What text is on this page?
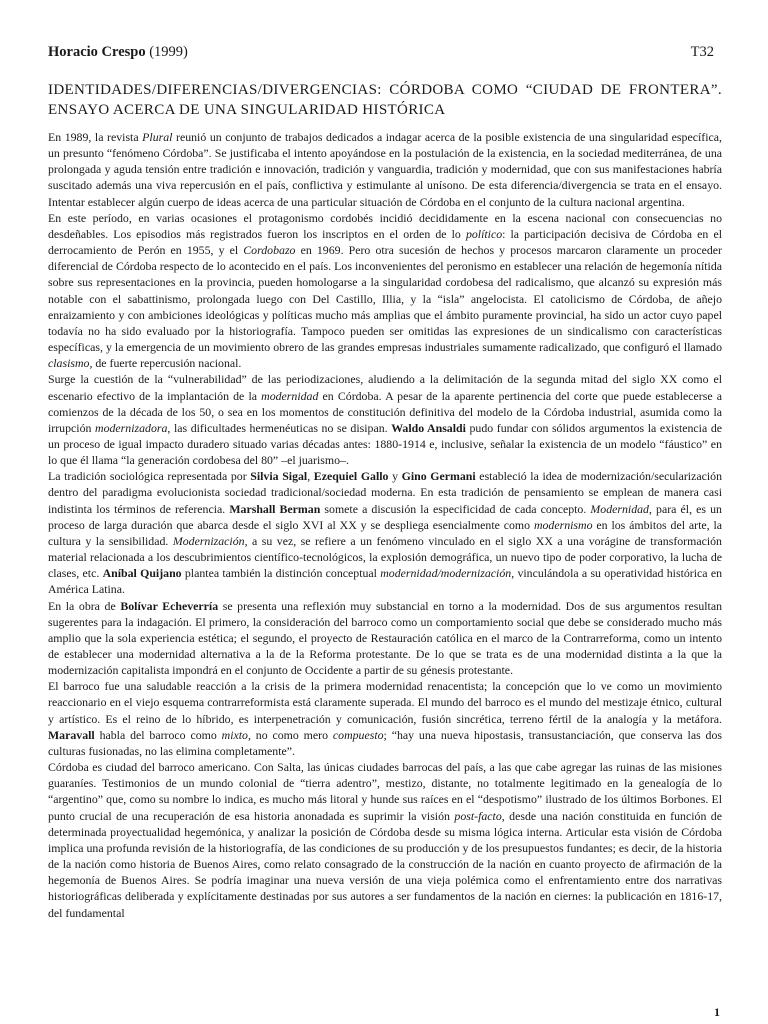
Horacio Crespo (1999)	T32
IDENTIDADES/DIFERENCIAS/DIVERGENCIAS: CÓRDOBA COMO “CIUDAD DE FRONTERA”. ENSAYO ACERCA DE UNA SINGULARIDAD HISTÓRICA

En 1989, la revista Plural reunió un conjunto de trabajos dedicados a indagar acerca de la posible existencia de una singularidad específica, un presunto “fenómeno Córdoba”. Se justificaba el intento apoyándose en la postulación de la existencia, en la sociedad mediterránea, de una prolongada y aguda tensión entre tradición e innovación, tradición y vanguardia, tradición y modernidad, que con sus manifestaciones habría suscitado además una viva repercusión en el país, conflictiva y estimulante al unísono. De esta diferencia/divergencia se trata en el ensayo. Intentar establecer algún cuerpo de ideas acerca de una particular situación de Córdoba en el conjunto de la cultura nacional argentina.

En este período, en varias ocasiones el protagonismo cordobés incidió decididamente en la escena nacional con consecuencias no desdeñables. Los episodios más registrados fueron los inscriptos en el orden de lo político: la participación decisiva de Córdoba en el derrocamiento de Perón en 1955, y el Cordobazo en 1969. Pero otra sucesión de hechos y procesos marcaron claramente un proceder diferencial de Córdoba respecto de lo acontecido en el país. Los inconvenientes del peronismo en establecer una relación de hegemonía nítida sobre sus representaciones en la provincia, pueden homologarse a la singularidad cordobesa del radicalismo, que alcanzó su expresión más notable con el sabattinismo, prolongada luego con Del Castillo, Illia, y la “isla” angelocista. El catolicismo de Córdoba, de añejo enraizamiento y con ambiciones ideológicas y políticas mucho más amplias que el ámbito puramente provincial, ha sido un actor cuyo papel todavía no ha sido evaluado por la historiografía. Tampoco pueden ser omitidas las expresiones de un sindicalismo con características específicas, y la emergencia de un movimiento obrero de las grandes empresas industriales sumamente radicalizado, que configuró el llamado clasismo, de fuerte repercusión nacional.

Surge la cuestión de la “vulnerabilidad” de las periodizaciones, aludiendo a la delimitación de la segunda mitad del siglo XX como el escenario efectivo de la implantación de la modernidad en Córdoba. A pesar de la aparente pertinencia del corte que puede establecerse a comienzos de la década de los 50, o sea en los momentos de constitución definitiva del modelo de la Córdoba industrial, asumida como la irrupción modernizadora, las dificultades hermenéuticas no se disipan. Waldo Ansaldi pudo fundar con sólidos argumentos la existencia de un proceso de igual impacto duradero situado varias décadas antes: 1880-1914 e, inclusive, señalar la existencia de un modelo “fáustico” en lo que él llama “la generación cordobesa del 80” –el juarismo–.

La tradición sociológica representada por Silvia Sigal, Ezequiel Gallo y Gino Germani estableció la idea de modernización/secularización dentro del paradigma evolucionista sociedad tradicional/sociedad moderna. En esta tradición de pensamiento se emplean de manera casi indistinta los términos de referencia. Marshall Berman somete a discusión la especificidad de cada concepto. Modernidad, para él, es un proceso de larga duración que abarca desde el siglo XVI al XX y se despliega esencialmente como modernismo en los ámbitos del arte, la cultura y la sensibilidad. Modernización, a su vez, se refiere a un fenómeno vinculado en el siglo XX a una vorágine de transformación material relacionada a los descubrimientos científico-tecnológicos, la explosión demográfica, un nuevo tipo de poder corporativo, la lucha de clases, etc. Aníbal Quijano plantea también la distinción conceptual modernidad/modernización, vinculándola a su operatividad histórica en América Latina.

En la obra de Bolívar Echeverría se presenta una reflexión muy substancial en torno a la modernidad. Dos de sus argumentos resultan sugerentes para la indagación. El primero, la consideración del barroco como un comportamiento social que debe se considerado mucho más amplio que la sola experiencia estética; el segundo, el proyecto de Restauración católica en el marco de la Contrarreforma, como un intento de establecer una modernidad alternativa a la de la Reforma protestante. De lo que se trata es de una modernidad distinta a la que la modernización capitalista impondrá en el conjunto de Occidente a partir de su génesis protestante.

El barroco fue una saludable reacción a la crisis de la primera modernidad renacentista; la concepción que lo ve como un movimiento reaccionario en el viejo esquema contrarreformista está claramente superada. El mundo del barroco es el mundo del mestizaje étnico, cultural y artístico. Es el reino de lo híbrido, es interpenetración y comunicación, fusión sincrética, terreno fértil de la analogía y la metáfora. Maravall habla del barroco como mixto, no como mero compuesto; “hay una nueva hipostasis, transustanciación, que conserva las dos culturas fusionadas, no las elimina completamente”.

Córdoba es ciudad del barroco americano. Con Salta, las únicas ciudades barrocas del país, a las que cabe agregar las ruinas de las misiones guaraníes. Testimonios de un mundo colonial de “tierra adentro”, mestizo, distante, no totalmente legitimado en la genealogía de lo “argentino” que, como su nombre lo indica, es mucho más litoral y hunde sus raíces en el “despotismo” ilustrado de los últimos Borbones. El punto crucial de una recuperación de esa historia anonadada es suprimir la visión post-facto, desde una nación constituida en función de determinada proyectualidad hegemónica, y analizar la posición de Córdoba desde su misma lógica interna. Articular esta visión de Córdoba implica una profunda revisión de la historiografía, de las condiciones de su producción y de los presupuestos fundantes; es decir, de la historia de la nación como historia de Buenos Aires, como relato consagrado de la construcción de la nación en cuanto proyecto de afirmación de la hegemonía de Buenos Aires. Se podría imaginar una nueva versión de una vieja polémica como el enfrentamiento entre dos narrativas historiográficas deliberada y explícitamente destinadas por sus autores a ser fundamentos de la nación en ciernes: la publicación en 1816-17, del fundamental

1
